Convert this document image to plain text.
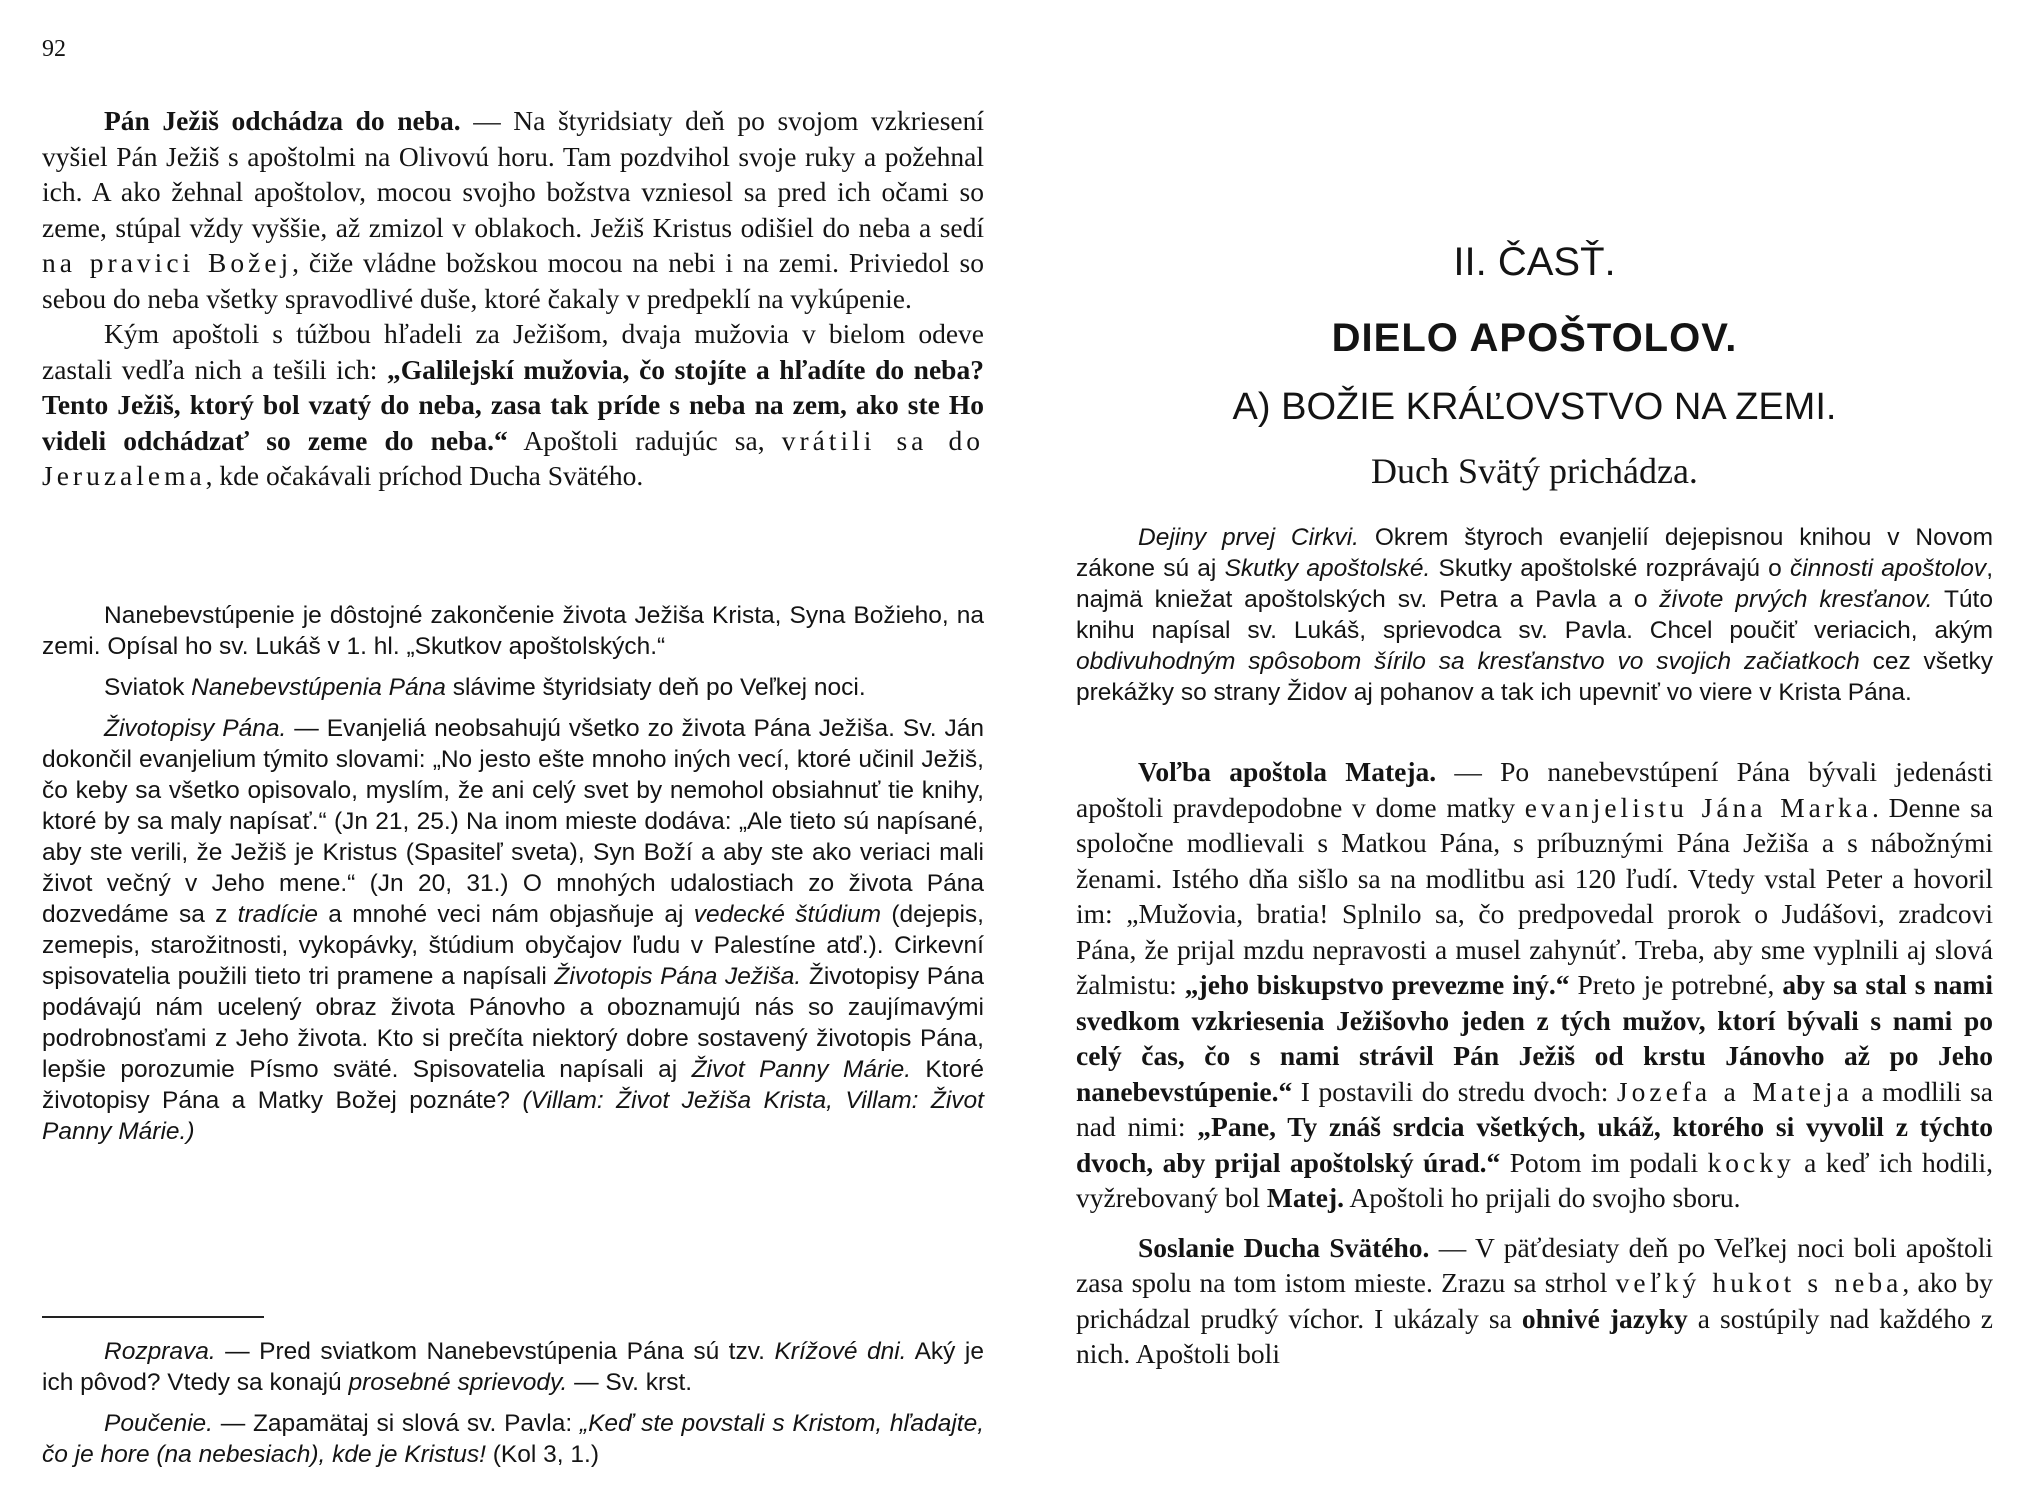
92

Pán Ježiš odchádza do neba. — Na štyridsiaty deň po svojom vzkriesení vyšiel Pán Ježiš s apoštolmi na Olivovú horu. Tam pozdvihol svoje ruky a požehnal ich. A ako žehnal apoštolov, mocou svojho božstva vzniesol sa pred ich očami so zeme, stúpal vždy vyššie, až zmizol v oblakoch. Ježiš Kristus odišiel do neba a sedí na pravici Božej, čiže vládne božskou mocou na nebi i na zemi. Priviedol so sebou do neba všetky spravodlivé duše, ktoré čakaly v predpeklí na vykúpenie.

Kým apoštoli s túžbou hľadeli za Ježišom, dvaja mužovia v bielom odeve zastali vedľa nich a tešili ich: „Galilejskí mužovia, čo stojíte a hľadíte do neba? Tento Ježiš, ktorý bol vzatý do neba, zasa tak príde s neba na zem, ako ste Ho videli odchádzať so zeme do neba.“ Apoštoli radujúc sa, vrátili sa do Jeruzalema, kde očakávali príchod Ducha Svätého.

Nanebevstúpenie je dôstojné zakončenie života Ježiša Krista, Syna Božieho, na zemi. Opísal ho sv. Lukáš v 1. hl. „Skutkov apoštolských.“

Sviatok Nanebevstúpenia Pána slávime štyridsiaty deň po Veľkej noci.

Životopisy Pána. — Evanjeliá neobsahujú všetko zo života Pána Ježiša. Sv. Ján dokončil evanjelium týmito slovami: „No jesto ešte mnoho iných vecí, ktoré učinil Ježiš, čo keby sa všetko opisovalo, myslím, že ani celý svet by nemohol obsiahnuť tie knihy, ktoré by sa maly napísať.“ (Jn 21, 25.) Na inom mieste dodáva: „Ale tieto sú napísané, aby ste verili, že Ježiš je Kristus (Spasiteľ sveta), Syn Boží a aby ste ako veriaci mali život večný v Jeho mene.“ (Jn 20, 31.) O mnohých udalostiach zo života Pána dozvedáme sa z tradície a mnohé veci nám objasňuje aj vedecké štúdium (dejepis, zemepis, starožitnosti, vykopávky, štúdium obyčajov ľudu v Palestíne atď.). Cirkevní spisovatelia použili tieto tri pramene a napísali Životopis Pána Ježiša. Životopisy Pána podávajú nám ucelený obraz života Pánovho a oboznamujú nás so zaujímavými podrobnosťami z Jeho života. Kto si prečíta niektorý dobre sostavený životopis Pána, lepšie porozumie Písmo sväté. Spisovatelia napísali aj Život Panny Márie. Ktoré životopisy Pána a Matky Božej poznáte? (Villam: Život Ježiša Krista, Villam: Život Panny Márie.)

Rozprava. — Pred sviatkom Nanebevstúpenia Pána sú tzv. Krížové dni. Aký je ich pôvod? Vtedy sa konajú prosebné sprievody. — Sv. krst.

Poučenie. — Zapamätaj si slová sv. Pavla: „Keď ste povstali s Kristom, hľadajte, čo je hore (na nebesiach), kde je Kristus! (Kol 3, 1.)

II. ČASŤ.
DIELO APOŠTOLOV.
A) BOŽIE KRÁĽOVSTVO NA ZEMI.
Duch Svätý prichádza.

Dejiny prvej Cirkvi. Okrem štyroch evanjelií dejepisnou knihou v Novom zákone sú aj Skutky apoštolské. Skutky apoštolské rozprávajú o činnosti apoštolov, najmä kniežat apoštolských sv. Petra a Pavla a o živote prvých kresťanov. Túto knihu napísal sv. Lukáš, sprievodca sv. Pavla. Chcel poučiť veriacich, akým obdivuhodným spôsobom šírilo sa kresťanstvo vo svojich začiatkoch cez všetky prekážky so strany Židov aj pohanov a tak ich upevniť vo viere v Krista Pána.

Voľba apoštola Mateja. — Po nanebevstúpení Pána bývali jedenásti apoštoli pravdepodobne v dome matky evanjelistu Jána Marka. Denne sa spoločne modlievali s Matkou Pána, s príbuznými Pána Ježiša a s nábožnými ženami. Istého dňa sišlo sa na modlitbu asi 120 ľudí. Vtedy vstal Peter a hovoril im: „Mužovia, bratia! Splnilo sa, čo predpovedal prorok o Judášovi, zradcovi Pána, že prijal mzdu nepravosti a musel zahynúť. Treba, aby sme vyplnili aj slová žalmistu: „jeho biskupstvo prevezme iný.“ Preto je potrebné, aby sa stal s nami svedkom vzkriesenia Ježišovho jeden z tých mužov, ktorí bývali s nami po celý čas, čo s nami strávil Pán Ježiš od krstu Jánovho až po Jeho nanebevstúpenie.“ I postavili do stredu dvoch: Jozefa a Mateja a modlili sa nad nimi: „Pane, Ty znáš srdcia všetkých, ukáž, ktorého si vyvolil z týchto dvoch, aby prijal apoštolský úrad.“ Potom im podali kocky a keď ich hodili, vyžrebovaný bol Matej. Apoštoli ho prijali do svojho sboru.

Soslanie Ducha Svätého. — V päťdesiaty deň po Veľkej noci boli apoštoli zasa spolu na tom istom mieste. Zrazu sa strhol veľký hukot s neba, ako by prichádzal prudký víchor. I ukázaly sa ohnivé jazyky a sostúpily nad každého z nich. Apoštoli boli
